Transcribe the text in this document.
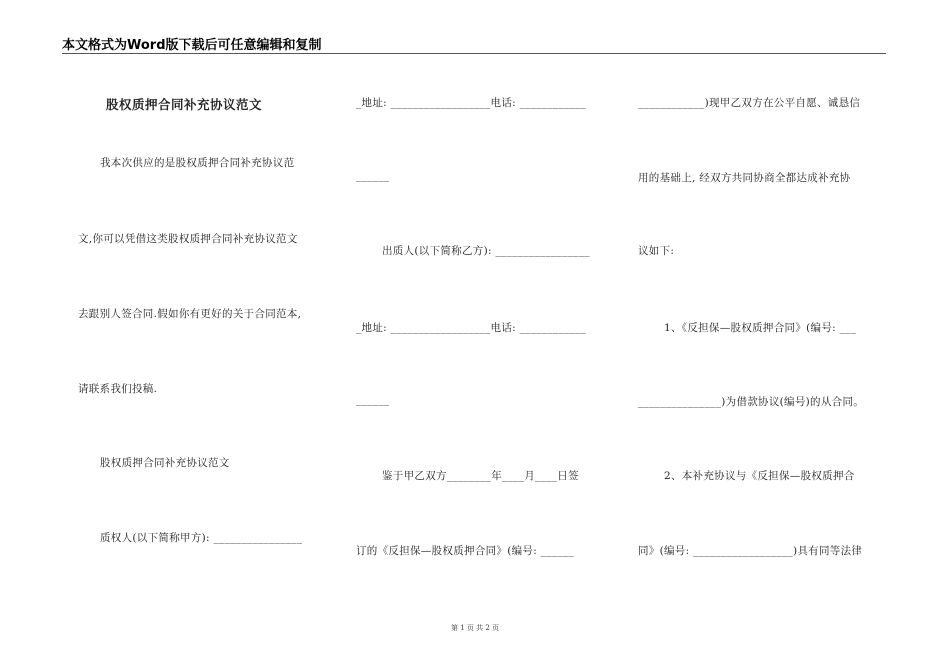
本文格式为Word版下载后可任意编辑和复制
股权质押合同补充协议范文
我本次供应的是股权质押合同补充协议范
文,你可以凭借这类股权质押合同补充协议范文
去跟别人签合同.假如你有更好的关于合同范本,
请联系我们投稿.
股权质押合同补充协议范文
质权人(以下简称甲方): ________________
_地址: __________________电话: ____________
______
出质人(以下简称乙方): _________________
_地址: __________________电话: ____________
______
鉴于甲乙双方________年____月____日签
订的《反担保—股权质押合同》(编号: ______
____________)现甲乙双方在公平自愿、诚恳信
用的基础上, 经双方共同协商全都达成补充协
议如下:
1、《反担保—股权质押合同》(编号: ___
_______________)为借款协议(编号)的从合同。
2、本补充协议与《反担保—股权质押合
同》(编号: __________________)具有同等法律
第 1 页 共 2 页
